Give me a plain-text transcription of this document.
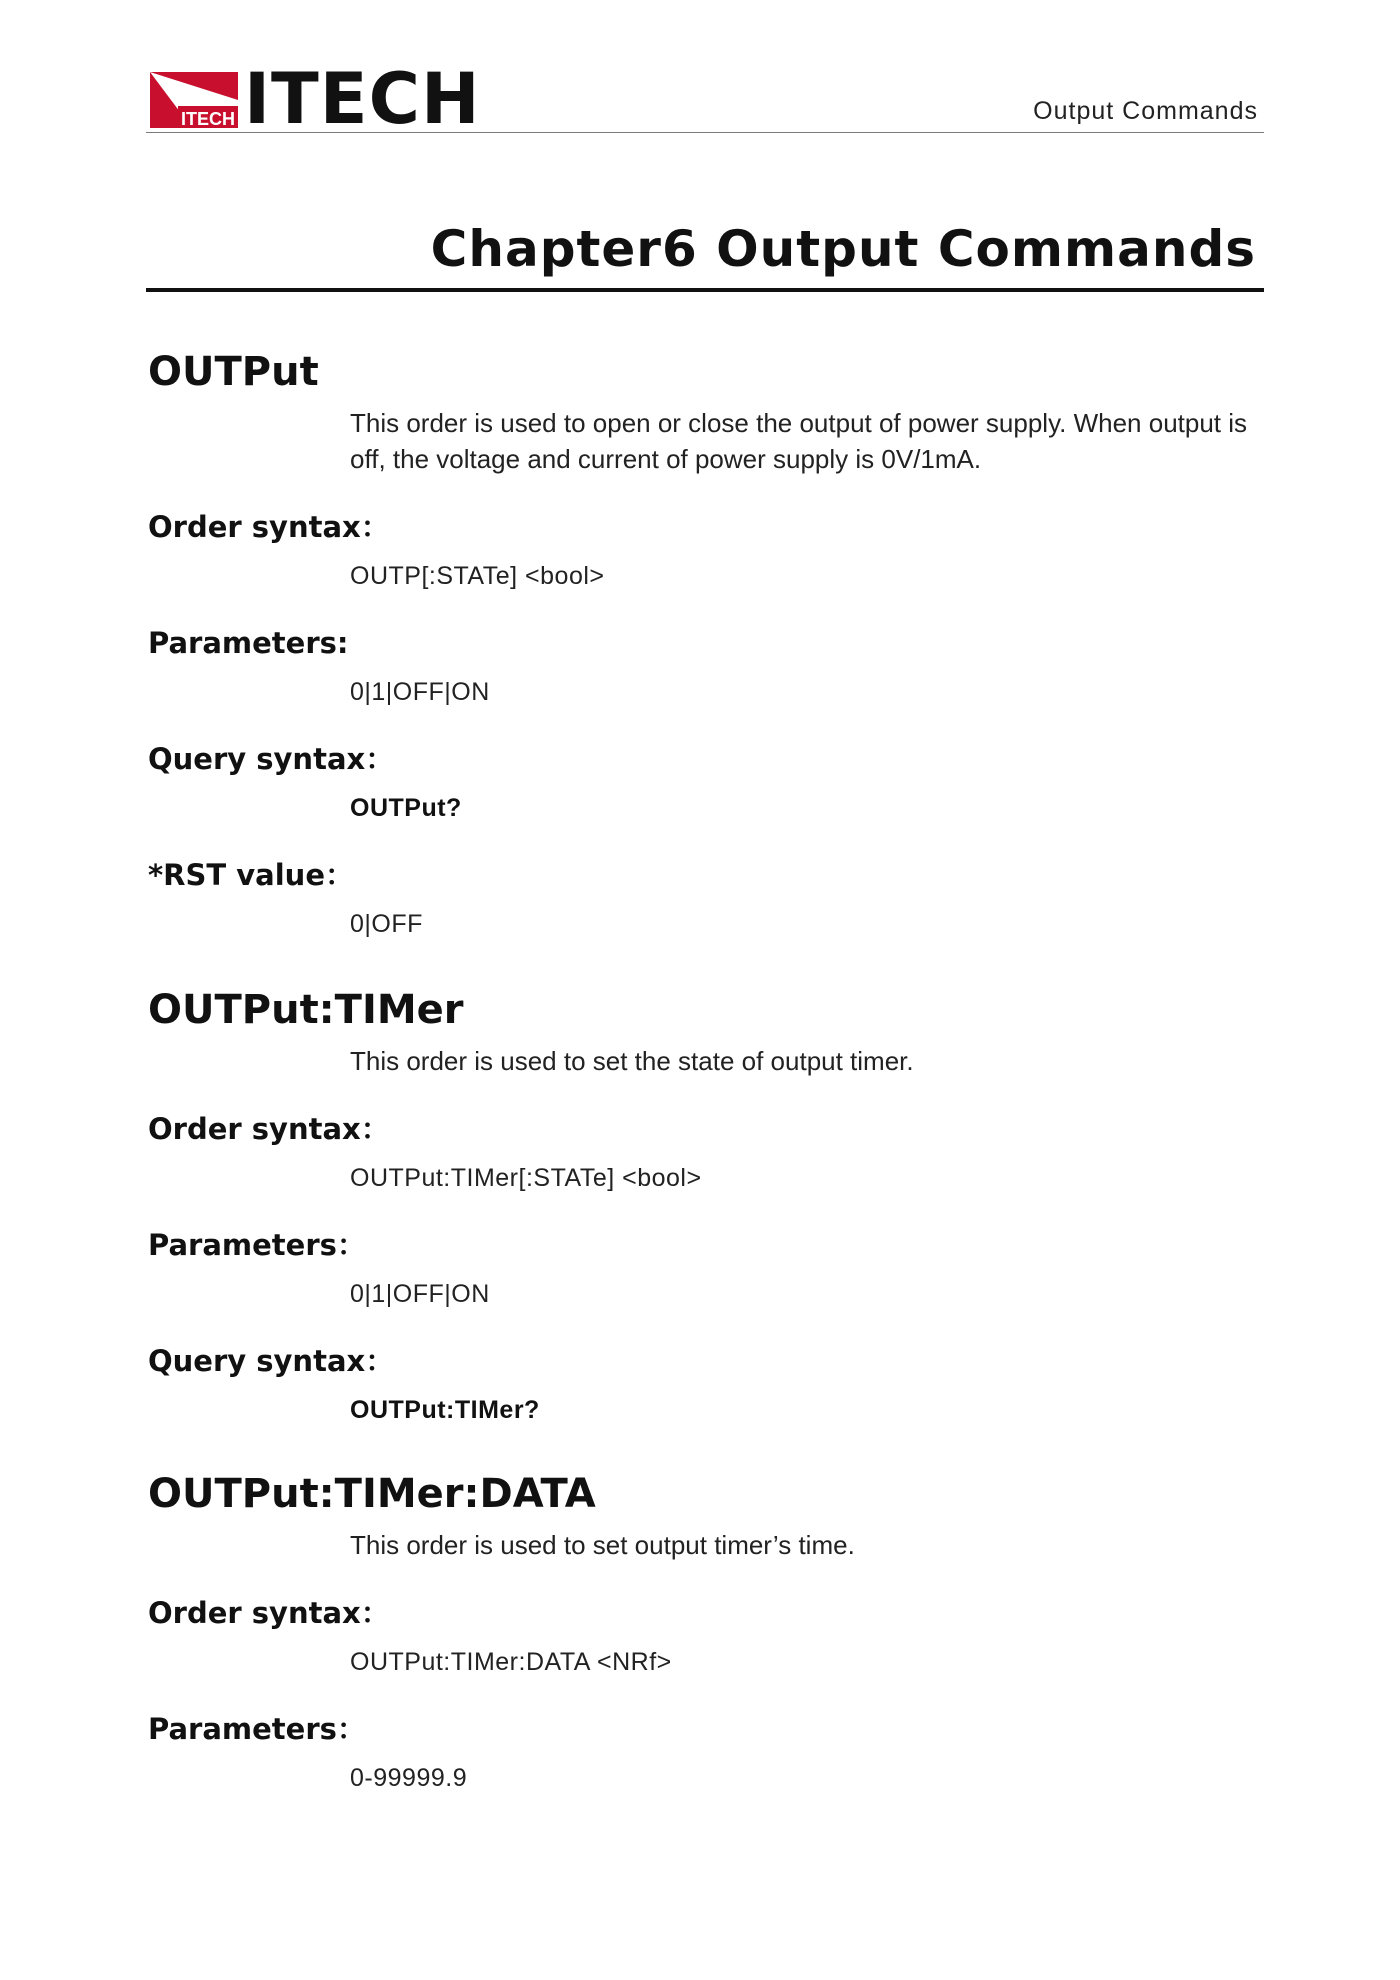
ITECH ITECH	Output Commands
Chapter6 Output Commands
OUTPut

This order is used to open or close the output of power supply. When output is off, the voltage and current of power supply is 0V/1mA.

Order syntax：

OUTP[:STATe] <bool>

Parameters:

0|1|OFF|ON

Query syntax：

OUTPut?

*RST value：

0|OFF

OUTPut:TIMer

This order is used to set the state of output timer.

Order syntax：

OUTPut:TIMer[:STATe] <bool>

Parameters：

0|1|OFF|ON

Query syntax：

OUTPut:TIMer?

OUTPut:TIMer:DATA

This order is used to set output timer’s time.

Order syntax：

OUTPut:TIMer:DATA <NRf>

Parameters：

0-99999.9
